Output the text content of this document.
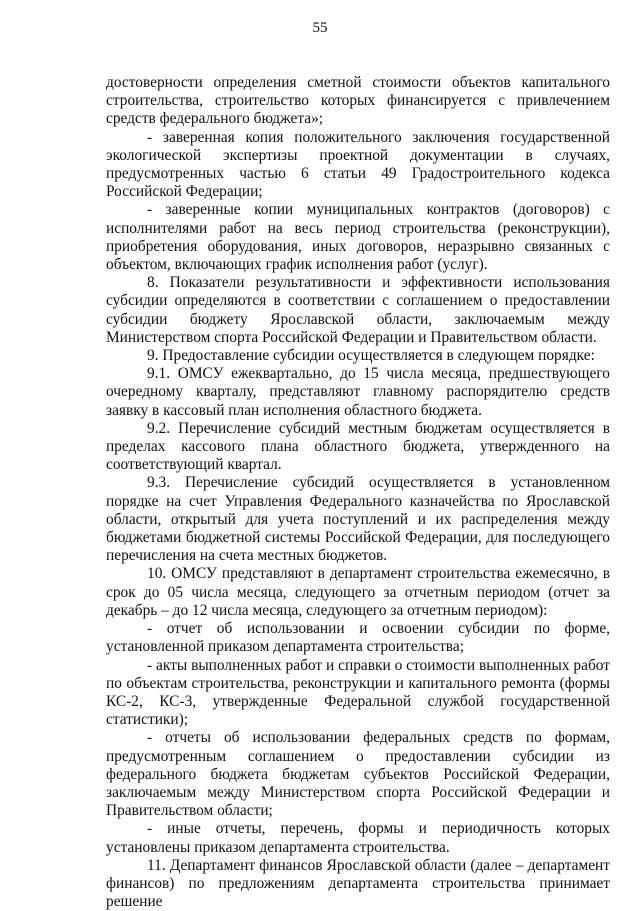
55

достоверности определения сметной стоимости объектов капитального строительства, строительство которых финансируется с привлечением средств федерального бюджета»;

- заверенная копия положительного заключения государственной экологической экспертизы проектной документации в случаях, предусмотренных частью 6 статьи 49 Градостроительного кодекса Российской Федерации;

- заверенные копии муниципальных контрактов (договоров) с исполнителями работ на весь период строительства (реконструкции), приобретения оборудования, иных договоров, неразрывно связанных с объектом, включающих график исполнения работ (услуг).

8. Показатели результативности и эффективности использования субсидии определяются в соответствии с соглашением о предоставлении субсидии бюджету Ярославской области, заключаемым между Министерством спорта Российской Федерации и Правительством области.

9. Предоставление субсидии осуществляется в следующем порядке:

9.1. ОМСУ ежеквартально, до 15 числа месяца, предшествующего очередному кварталу, представляют главному распорядителю средств заявку в кассовый план исполнения областного бюджета.

9.2. Перечисление субсидий местным бюджетам осуществляется в пределах кассового плана областного бюджета, утвержденного на соответствующий квартал.

9.3. Перечисление субсидий осуществляется в установленном порядке на счет Управления Федерального казначейства по Ярославской области, открытый для учета поступлений и их распределения между бюджетами бюджетной системы Российской Федерации, для последующего перечисления на счета местных бюджетов.

10. ОМСУ представляют в департамент строительства ежемесячно, в срок до 05 числа месяца, следующего за отчетным периодом (отчет за декабрь – до 12 числа месяца, следующего за отчетным периодом):

- отчет об использовании и освоении субсидии по форме, установленной приказом департамента строительства;

- акты выполненных работ и справки о стоимости выполненных работ по объектам строительства, реконструкции и капитального ремонта (формы КС-2, КС-3, утвержденные Федеральной службой государственной статистики);

- отчеты об использовании федеральных средств по формам, предусмотренным соглашением о предоставлении субсидии из федерального бюджета бюджетам субъектов Российской Федерации, заключаемым между Министерством спорта Российской Федерации и Правительством области;

- иные отчеты, перечень, формы и периодичность которых установлены приказом департамента строительства.

11. Департамент финансов Ярославской области (далее – департамент финансов) по предложениям департамента строительства принимает решение
